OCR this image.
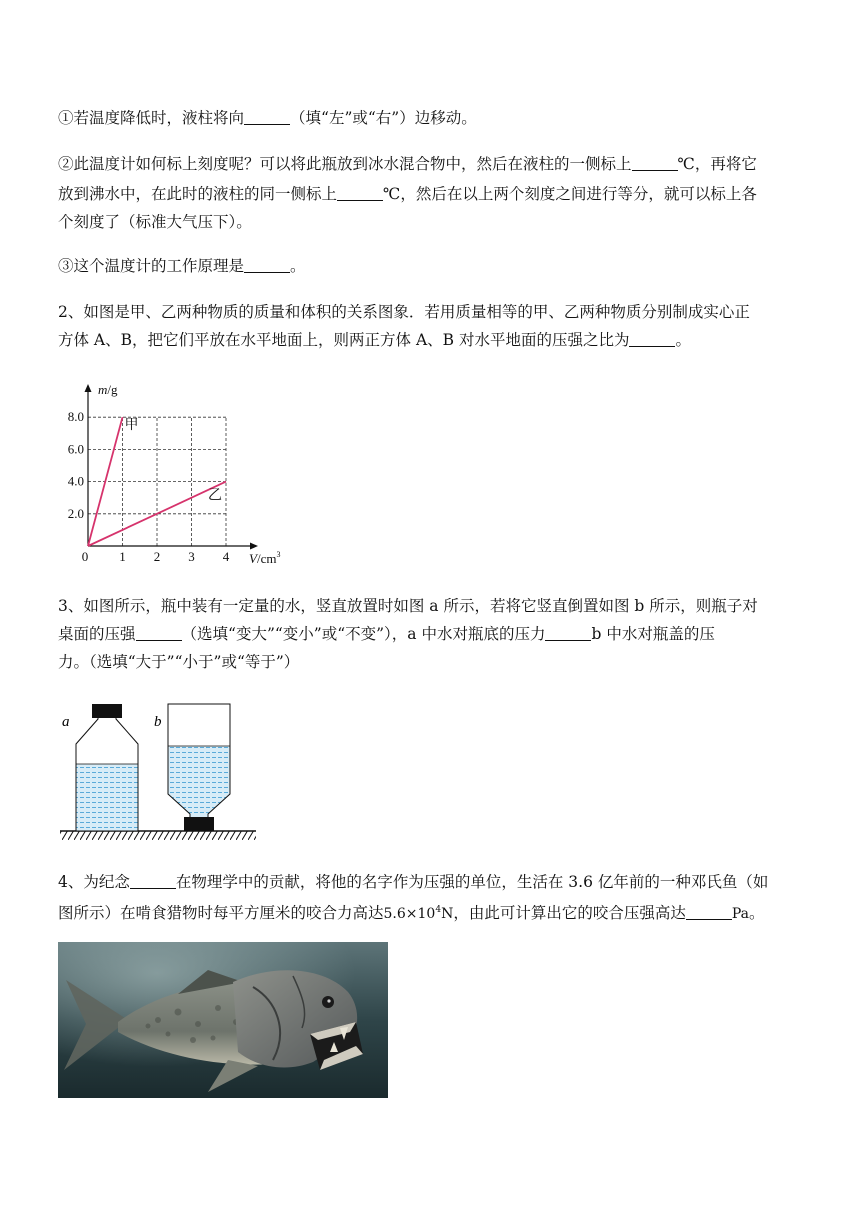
①若温度降低时，液柱将向	（填“左”或“右”）边移动。
②此温度计如何标上刻度呢？可以将此瓶放到冰水混合物中，然后在液柱的一侧标上	℃，再将它
放到沸水中，在此时的液柱的同一侧标上	℃，然后在以上两个刻度之间进行等分，就可以标上各
个刻度了（标准大气压下）。
③这个温度计的工作原理是	。
2、如图是甲、乙两种物质的质量和体积的关系图象．若用质量相等的甲、乙两种物质分别制成实心正
方体 A、B，把它们平放在水平地面上，则两正方体 A、B 对水平地面的压强之比为	。
1 2 3 4
2.0
4.0
6.0
8.0
0
m/g
$V/cm^3$
甲
乙
3、如图所示，瓶中装有一定量的水，竖直放置时如图 a 所示，若将它竖直倒置如图 b 所示，则瓶子对
桌面的压强	（选填“变大”“变小”或“不变”），a 中水对瓶底的压力	b 中水对瓶盖的压
力。（选填“大于”“小于”或“等于”）
a	b
4、为纪念	在物理学中的贡献，将他的名字作为压强的单位，生活在 3.6 亿年前的一种邓氏鱼（如
图所示）在啃食猎物时每平方厘米的咬合力高达$5.6\times 10^4N$，由此可计算出它的咬合压强高达	Pa。
